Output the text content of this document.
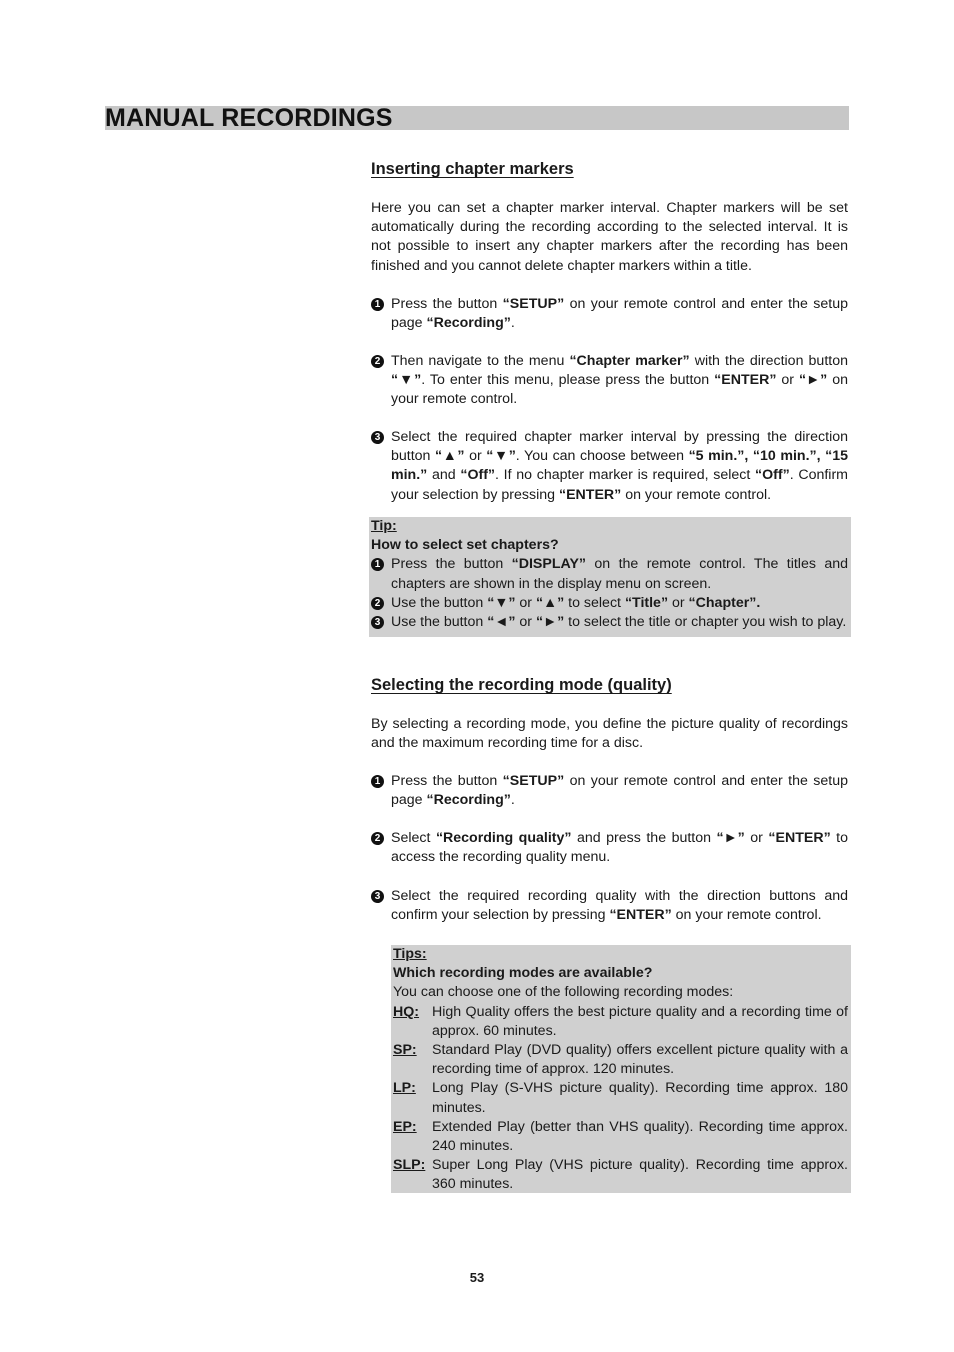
MANUAL RECORDINGS
Inserting chapter markers
Here you can set a chapter marker interval. Chapter markers will be set automatically during the recording according to the selected interval. It is not possible to insert any chapter markers after the recording has been finished and you cannot delete chapter markers within a title.
1 Press the button “SETUP” on your remote control and enter the setup page “Recording”.
2 Then navigate to the menu “Chapter marker” with the direction button “▼”. To enter this menu, please press the button “ENTER” or “►” on your remote control.
3 Select the required chapter marker interval by pressing the direction button “▲” or “▼”. You can choose between “5 min.”, “10 min.”, “15 min.” and “Off”. If no chapter marker is required, select “Off”. Confirm your selection by pressing “ENTER” on your remote control.
Tip:
How to select set chapters?
1 Press the button “DISPLAY” on the remote control. The titles and chapters are shown in the display menu on screen.
2 Use the button “▼” or “▲” to select “Title” or “Chapter”.
3 Use the button “◄” or “►” to select the title or chapter you wish to play.
Selecting the recording mode (quality)
By selecting a recording mode, you define the picture quality of recordings and the maximum recording time for a disc.
1 Press the button “SETUP” on your remote control and enter the setup page “Recording”.
2 Select “Recording quality” and press the button “►” or “ENTER” to access the recording quality menu.
3 Select the required recording quality with the direction buttons and confirm your selection by pressing “ENTER” on your remote control.
Tips:
Which recording modes are available?
You can choose one of the following recording modes:
HQ: High Quality offers the best picture quality and a recording time of approx. 60 minutes.
SP:	Standard Play (DVD quality) offers excellent picture quality with a recording time of approx. 120 minutes.
LP:	Long Play (S-VHS picture quality). Recording time approx. 180 minutes.
EP:	Extended Play (better than VHS quality). Recording time approx. 240 minutes.
SLP: Super Long Play (VHS picture quality). Recording time approx. 360 minutes.
53
